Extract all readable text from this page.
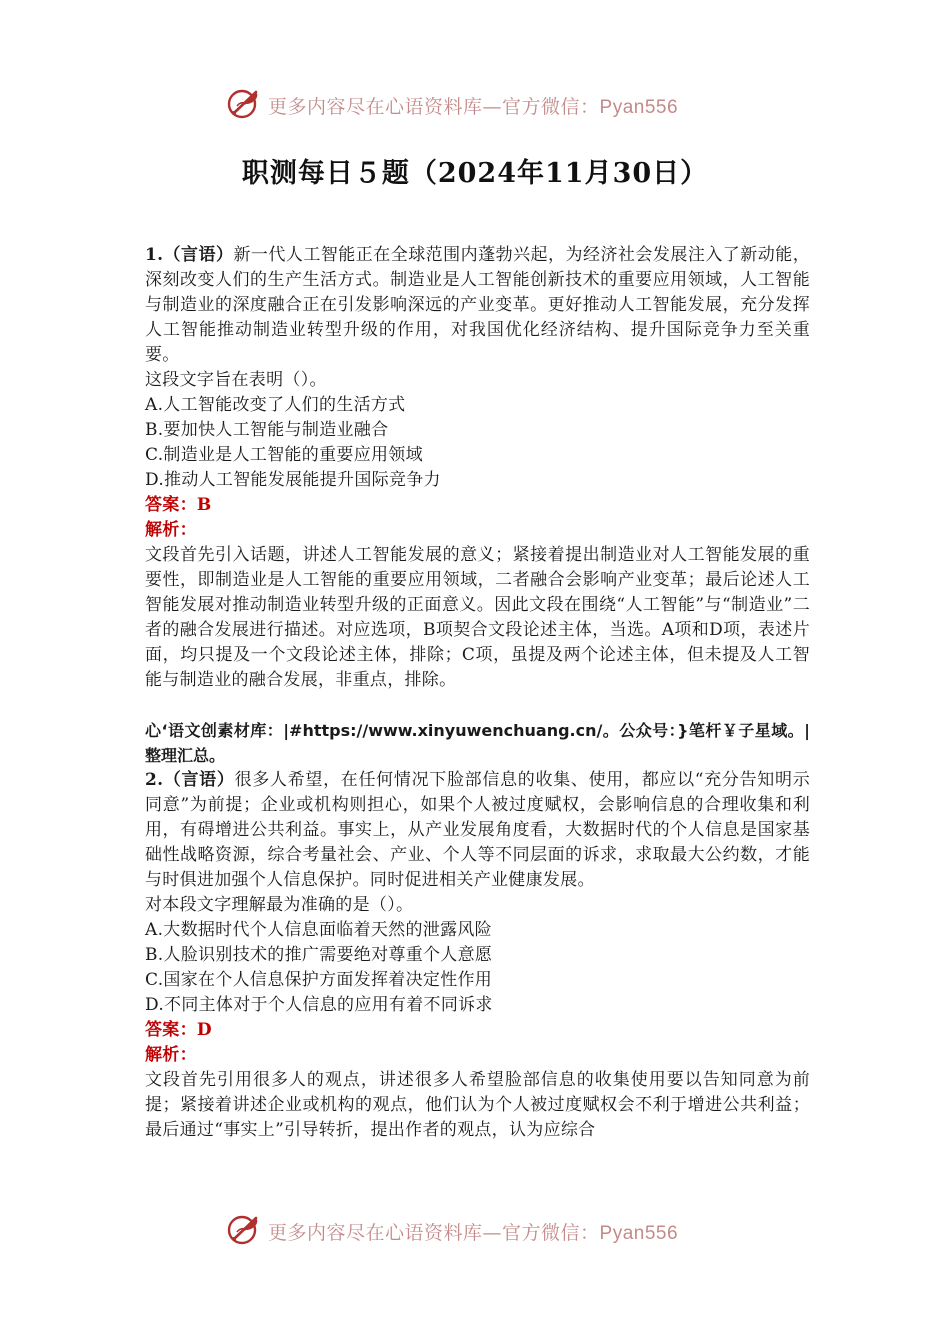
更多内容尽在心语资料库—官方微信：Pyan556
职测每日５题（2024年11月30日）

1.（言语）新一代人工智能正在全球范围内蓬勃兴起，为经济社会发展注入了新动能，深刻改变人们的生产生活方式。制造业是人工智能创新技术的重要应用领域，人工智能与制造业的深度融合正在引发影响深远的产业变革。更好推动人工智能发展，充分发挥人工智能推动制造业转型升级的作用，对我国优化经济结构、提升国际竞争力至关重要。

这段文字旨在表明（）。

A.人工智能改变了人们的生活方式

B.要加快人工智能与制造业融合

C.制造业是人工智能的重要应用领域

D.推动人工智能发展能提升国际竞争力

答案：B

解析：

文段首先引入话题，讲述人工智能发展的意义；紧接着提出制造业对人工智能发展的重要性，即制造业是人工智能的重要应用领域，二者融合会影响产业变革；最后论述人工智能发展对推动制造业转型升级的正面意义。因此文段在围绕“人工智能”与“制造业”二者的融合发展进行描述。对应选项，B项契合文段论述主体，当选。A项和D项，表述片面，均只提及一个文段论述主体，排除；C项，虽提及两个论述主体，但未提及人工智能与制造业的融合发展，非重点，排除。

心‘语文创素材库：|#https://www.xinyuwenchuang.cn/。公众号：}笔杆￥子星域。|整理汇总。

2.（言语）很多人希望，在任何情况下脸部信息的收集、使用，都应以“充分告知明示同意”为前提；企业或机构则担心，如果个人被过度赋权，会影响信息的合理收集和利用，有碍增进公共利益。事实上，从产业发展角度看，大数据时代的个人信息是国家基础性战略资源，综合考量社会、产业、个人等不同层面的诉求，求取最大公约数，才能与时俱进加强个人信息保护。同时促进相关产业健康发展。

对本段文字理解最为准确的是（）。

A.大数据时代个人信息面临着天然的泄露风险

B.人脸识别技术的推广需要绝对尊重个人意愿

C.国家在个人信息保护方面发挥着决定性作用

D.不同主体对于个人信息的应用有着不同诉求

答案：D

解析：

文段首先引用很多人的观点，讲述很多人希望脸部信息的收集使用要以告知同意为前提；紧接着讲述企业或机构的观点，他们认为个人被过度赋权会不利于增进公共利益；最后通过“事实上”引导转折，提出作者的观点，认为应综合

更多内容尽在心语资料库—官方微信：Pyan556
